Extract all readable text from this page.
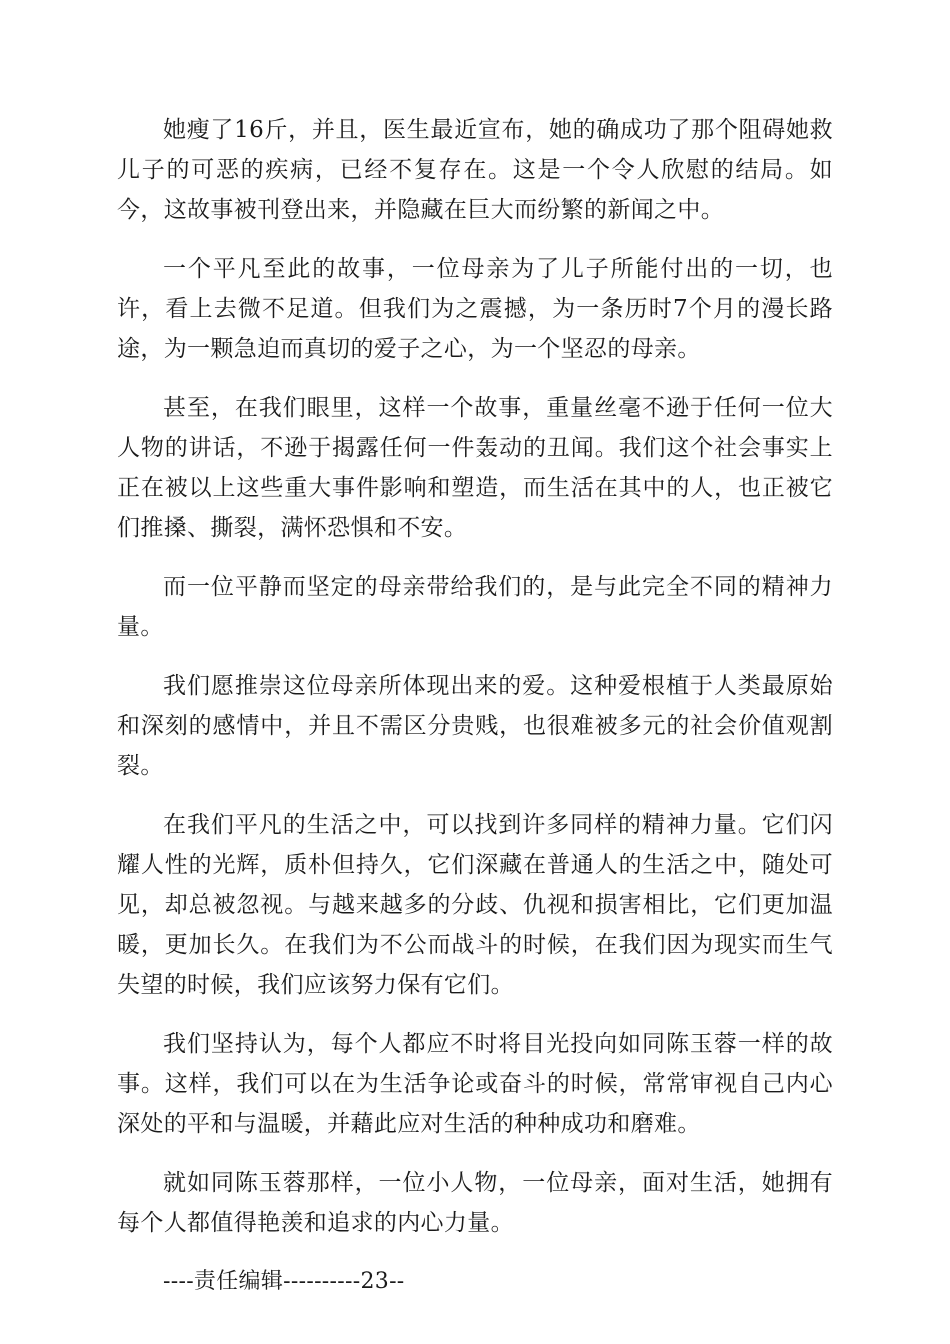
她瘦了16斤，并且，医生最近宣布，她的确成功了那个阻碍她救儿子的可恶的疾病，已经不复存在。这是一个令人欣慰的结局。如今，这故事被刊登出来，并隐藏在巨大而纷繁的新闻之中。

一个平凡至此的故事，一位母亲为了儿子所能付出的一切，也许，看上去微不足道。但我们为之震撼，为一条历时7个月的漫长路途，为一颗急迫而真切的爱子之心，为一个坚忍的母亲。

甚至，在我们眼里，这样一个故事，重量丝毫不逊于任何一位大人物的讲话，不逊于揭露任何一件轰动的丑闻。我们这个社会事实上正在被以上这些重大事件影响和塑造，而生活在其中的人，也正被它们推搡、撕裂，满怀恐惧和不安。

而一位平静而坚定的母亲带给我们的，是与此完全不同的精神力量。

我们愿推崇这位母亲所体现出来的爱。这种爱根植于人类最原始和深刻的感情中，并且不需区分贵贱，也很难被多元的社会价值观割裂。

在我们平凡的生活之中，可以找到许多同样的精神力量。它们闪耀人性的光辉，质朴但持久，它们深藏在普通人的生活之中，随处可见，却总被忽视。与越来越多的分歧、仇视和损害相比，它们更加温暖，更加长久。在我们为不公而战斗的时候，在我们因为现实而生气失望的时候，我们应该努力保有它们。

我们坚持认为，每个人都应不时将目光投向如同陈玉蓉一样的故事。这样，我们可以在为生活争论或奋斗的时候，常常审视自己内心深处的平和与温暖，并藉此应对生活的种种成功和磨难。

就如同陈玉蓉那样，一位小人物，一位母亲，面对生活，她拥有每个人都值得艳羡和追求的内心力量。

----责任编辑----------23--
